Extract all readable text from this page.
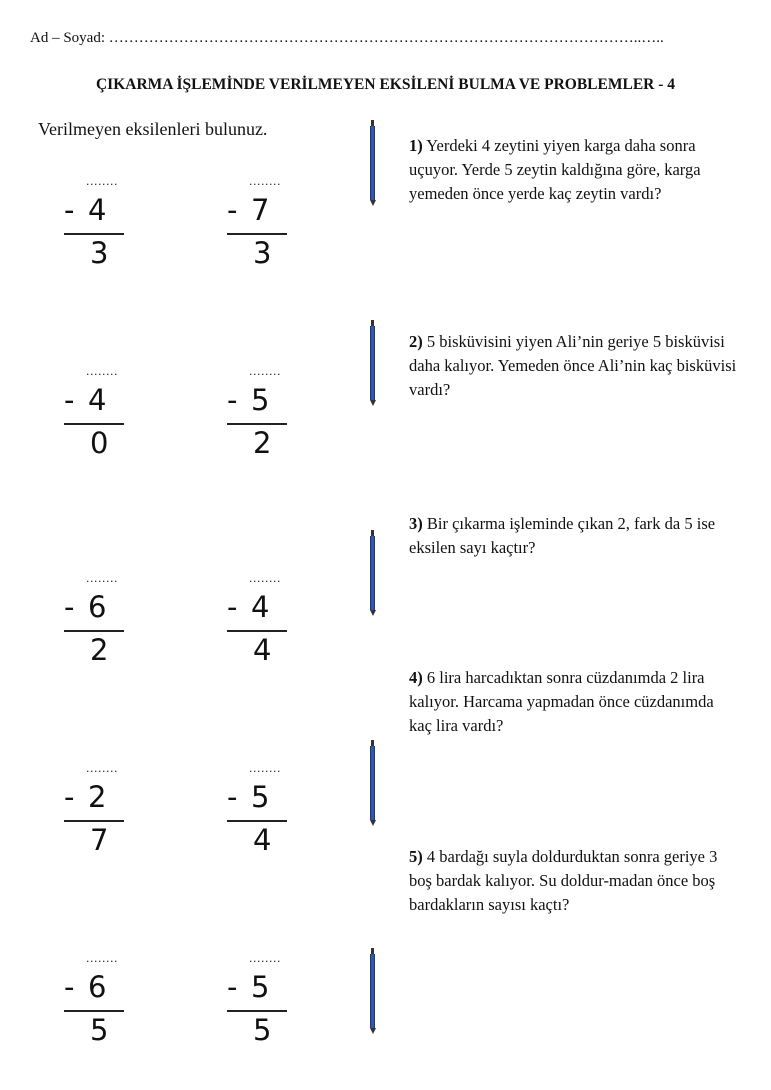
Ad – Soyad: ……………………………………………………………………………………………..…..
ÇIKARMA İŞLEMİNDE VERİLMEYEN EKSİLENİ BULMA VE PROBLEMLER - 4
Verilmeyen eksilenleri bulunuz.
........
- 4
3
........
- 7
3
........
- 4
0
........
- 5
2
........
- 6
2
........
- 4
4
........
- 2
7
........
- 5
4
........
- 6
5
........
- 5
5
1) Yerdeki 4 zeytini yiyen karga daha sonra uçuyor. Yerde 5 zeytin kaldığına göre, karga yemeden önce yerde kaç zeytin vardı?
2) 5 bisküvisini yiyen Ali’nin geriye 5 bisküvisi daha kalıyor. Yemeden önce Ali’nin kaç bisküvisi vardı?
3) Bir çıkarma işleminde çıkan 2, fark da 5 ise eksilen sayı kaçtır?
4) 6 lira harcadıktan sonra cüzdanımda 2 lira kalıyor. Harcama yapmadan önce cüzdanımda kaç lira vardı?
5) 4 bardağı suyla doldurduktan sonra geriye 3 boş bardak kalıyor. Su doldur-madan önce boş bardakların sayısı kaçtı?
